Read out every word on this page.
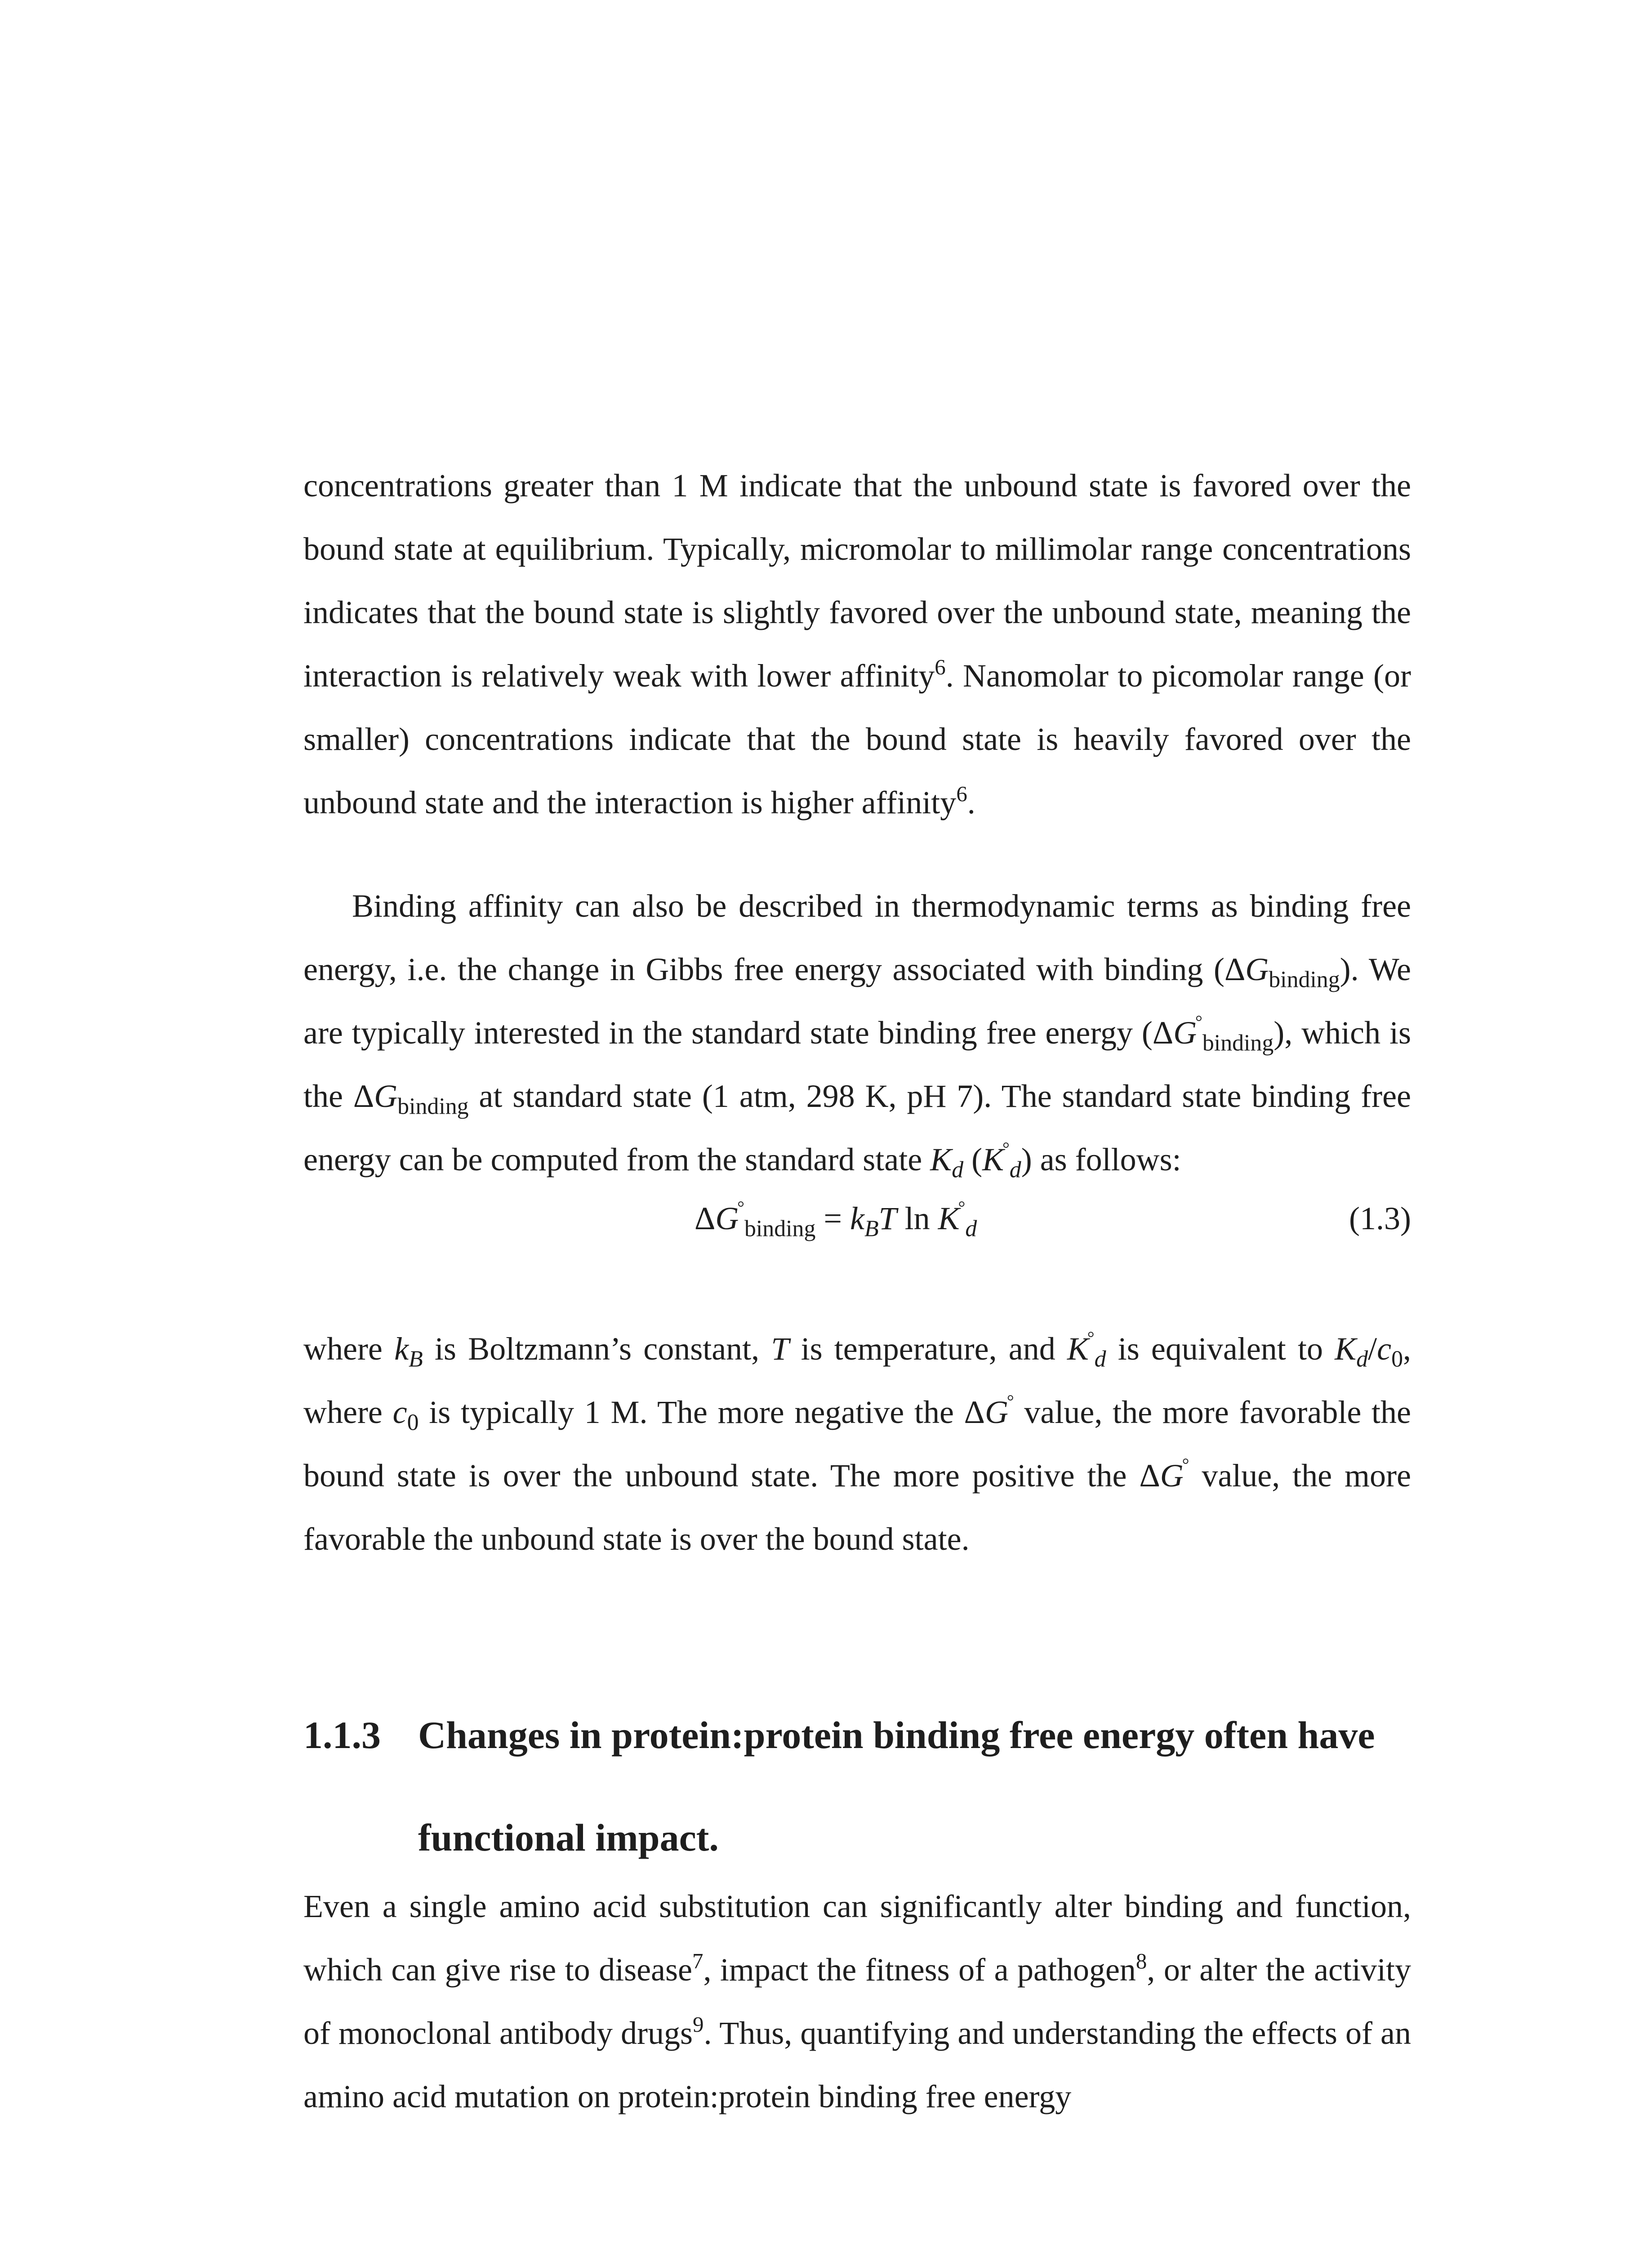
concentrations greater than 1 M indicate that the unbound state is favored over the bound state at equilibrium. Typically, micromolar to millimolar range concentrations indicates that the bound state is slightly favored over the unbound state, meaning the interaction is relatively weak with lower affinity$^6$. Nanomolar to picomolar range (or smaller) concentrations indicate that the bound state is heavily favored over the unbound state and the interaction is higher affinity$^6$.

Binding affinity can also be described in thermodynamic terms as binding free energy, i.e. the change in Gibbs free energy associated with binding $(\Delta G_{binding})$. We are typically interested in the standard state binding free energy $(\Delta G^\circ_{binding})$, which is the $\Delta G_{binding}$ at standard state (1 atm, 298 K, pH 7). The standard state binding free energy can be computed from the standard state $K_d$ $(K^\circ_d)$ as follows:

$\Delta G^\circ_{binding} = k_BT$ $\ln K^\circ_d$	(1.3)

where $k_B$ is Boltzmann’s constant, T is temperature, and $K^\circ_d$ is equivalent to $K_d/c_0$, where $c_0$ is typically 1 M. The more negative the ΔG° value, the more favorable the bound state is over the unbound state. The more positive the ΔG° value, the more favorable the unbound state is over the bound state.

1.1.3 Changes in protein:protein binding free energy often have functional impact.

Even a single amino acid substitution can significantly alter binding and function, which can give rise to disease$^7$, impact the fitness of a pathogen$^8$, or alter the activity of monoclonal antibody drugs$^9$. Thus, quantifying and understanding the effects of an amino acid mutation on protein:protein binding free energy
